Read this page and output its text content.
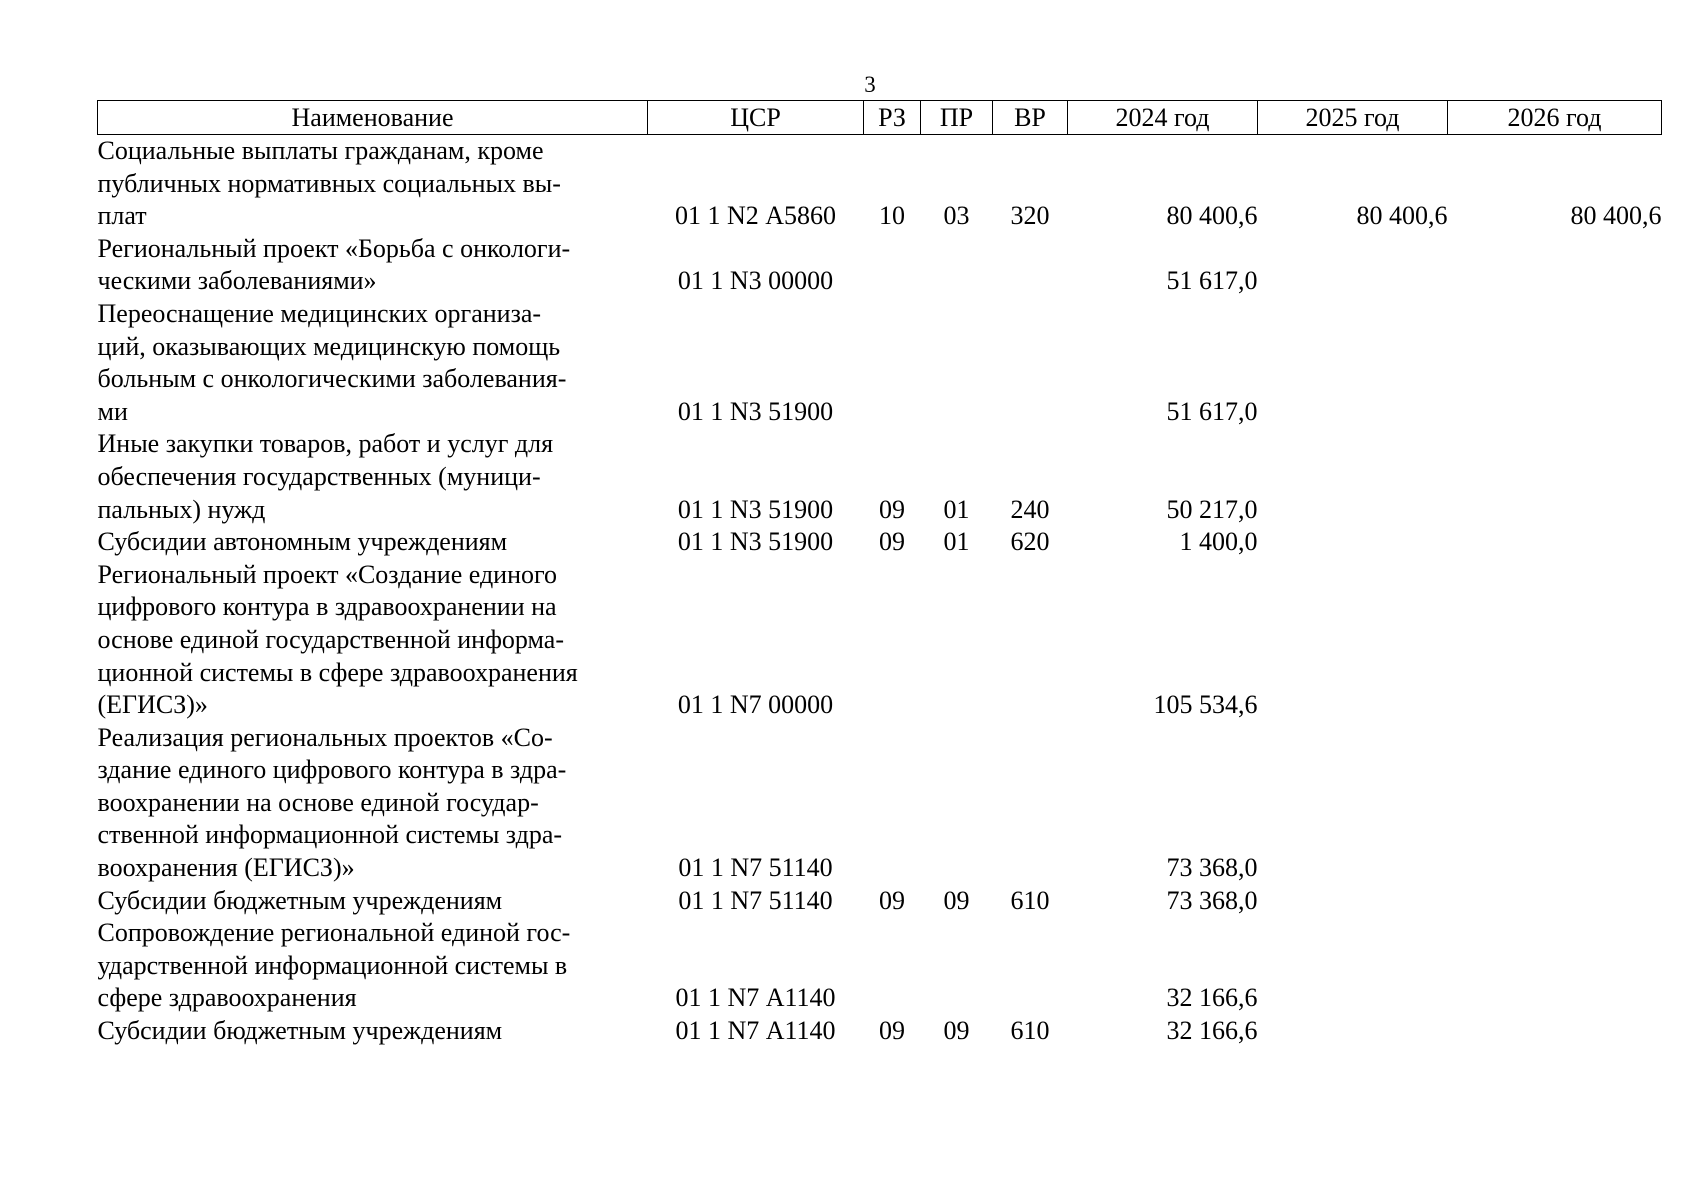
3
Наименование	ЦСР	РЗ	ПР	ВР	2024 год	2025 год	2026 год

Социальные выплаты гражданам, кроме
публичных нормативных социальных вы-
плат	01 1 N2 А5860	10	03	320	80 400,6	80 400,6	80 400,6

Региональный проект «Борьба с онкологи-
ческими заболеваниями»	01 1 N3 00000				51 617,0		

Переоснащение медицинских организа-
ций, оказывающих медицинскую помощь
больным с онкологическими заболевания-
ми	01 1 N3 51900				51 617,0		

Иные закупки товаров, работ и услуг для
обеспечения государственных (муници-
пальных) нужд	01 1 N3 51900	09	01	240	50 217,0		

Субсидии автономным учреждениям	01 1 N3 51900	09	01	620	1 400,0		

Региональный проект «Создание единого
цифрового контура в здравоохранении на
основе единой государственной информа-
ционной системы в сфере здравоохранения
(ЕГИСЗ)»	01 1 N7 00000				105 534,6		

Реализация региональных проектов «Со-
здание единого цифрового контура в здра-
воохранении на основе единой государ-
ственной информационной системы здра-
воохранения (ЕГИСЗ)»	01 1 N7 51140				73 368,0		

Субсидии бюджетным учреждениям	01 1 N7 51140	09	09	610	73 368,0		

Сопровождение региональной единой гос-
ударственной информационной системы в
сфере здравоохранения	01 1 N7 А1140				32 166,6		

Субсидии бюджетным учреждениям	01 1 N7 А1140	09	09	610	32 166,6		
